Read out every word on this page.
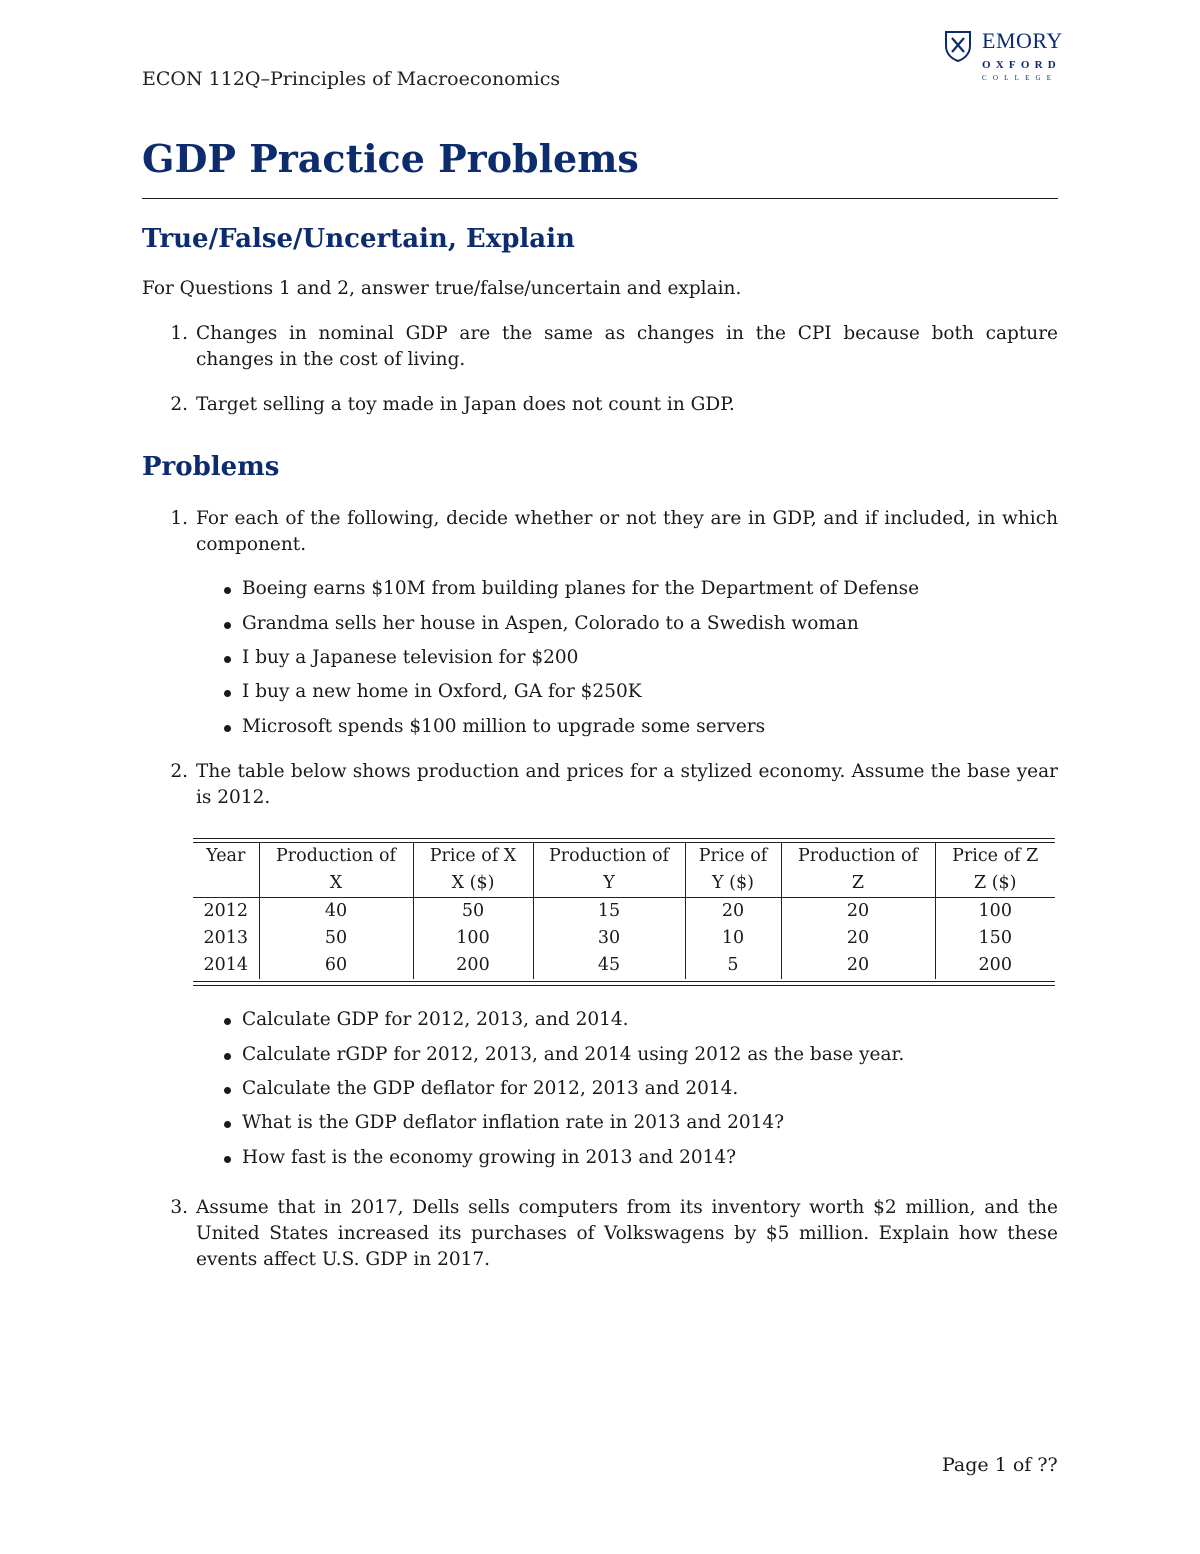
ECON 112Q–Principles of Macroeconomics
EMORY
OXFORD
COLLEGE
GDP Practice Problems
True/False/Uncertain, Explain
For Questions 1 and 2, answer true/false/uncertain and explain.
1. Changes in nominal GDP are the same as changes in the CPI because both capture changes in the cost of living.
2. Target selling a toy made in Japan does not count in GDP.
Problems
1. For each of the following, decide whether or not they are in GDP, and if included, in which component.
Boeing earns $10M from building planes for the Department of Defense
Grandma sells her house in Aspen, Colorado to a Swedish woman
I buy a Japanese television for $200
I buy a new home in Oxford, GA for $250K
Microsoft spends $100 million to upgrade some servers
2. The table below shows production and prices for a stylized economy. Assume the base year is 2012.
Year	Production of	Price of X	Production of	Price of	Production of	Price of Z
	X	X ($)	Y	Y ($)	Z	Z ($)
2012	40	50	15	20	20	100
2013	50	100	30	10	20	150
2014	60	200	45	5	20	200
Calculate GDP for 2012, 2013, and 2014.
Calculate rGDP for 2012, 2013, and 2014 using 2012 as the base year.
Calculate the GDP deflator for 2012, 2013 and 2014.
What is the GDP deflator inflation rate in 2013 and 2014?
How fast is the economy growing in 2013 and 2014?
3. Assume that in 2017, Dells sells computers from its inventory worth $2 million, and the United States increased its purchases of Volkswagens by $5 million. Explain how these events affect U.S. GDP in 2017.
Page 1 of ??
